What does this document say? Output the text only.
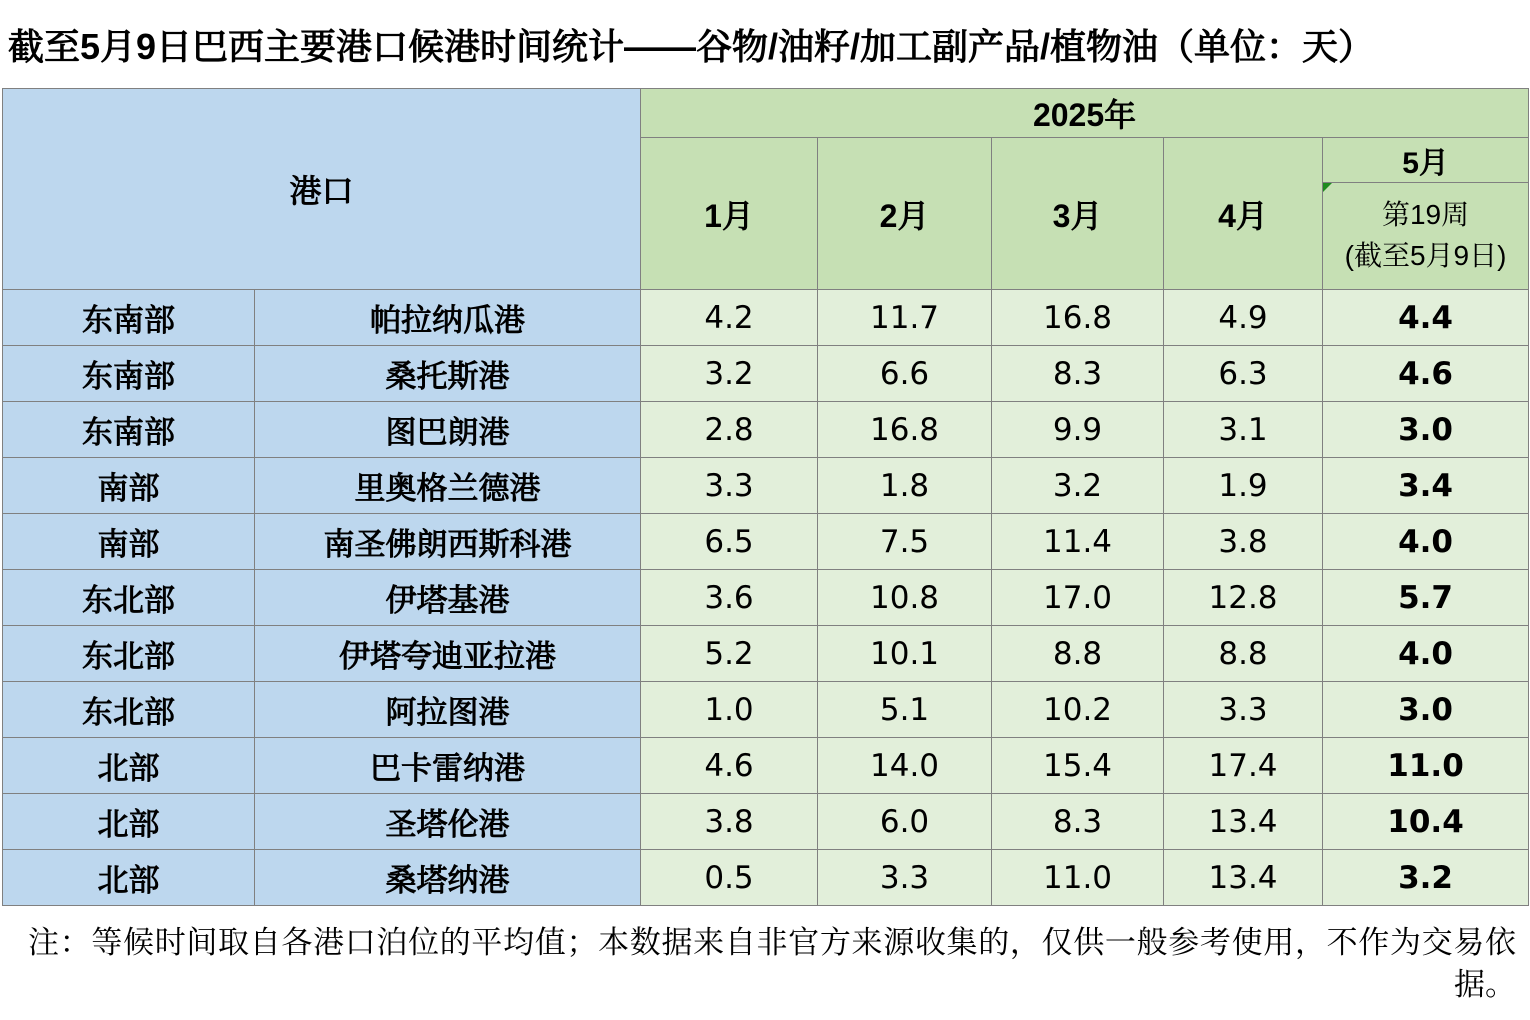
截至5月9日巴西主要港口候港时间统计——谷物/油籽/加工副产品/植物油（单位：天）
港口		2025年				
		1月	2月	3月	4月	5月

						第19周
(截至5月9日)

东南部	帕拉纳瓜港	4.2	11.7	16.8	4.9	4.4
东南部	桑托斯港	3.2	6.6	8.3	6.3	4.6
东南部	图巴朗港	2.8	16.8	9.9	3.1	3.0
南部	里奥格兰德港	3.3	1.8	3.2	1.9	3.4
南部	南圣佛朗西斯科港	6.5	7.5	11.4	3.8	4.0
东北部	伊塔基港	3.6	10.8	17.0	12.8	5.7
东北部	伊塔夸迪亚拉港	5.2	10.1	8.8	8.8	4.0
东北部	阿拉图港	1.0	5.1	10.2	3.3	3.0
北部	巴卡雷纳港	4.6	14.0	15.4	17.4	11.0
北部	圣塔伦港	3.8	6.0	8.3	13.4	10.4
北部	桑塔纳港	0.5	3.3	11.0	13.4	3.2
注：等候时间取自各港口泊位的平均值；本数据来自非官方来源收集的，仅供一般参考使用，不作为交易依据。
